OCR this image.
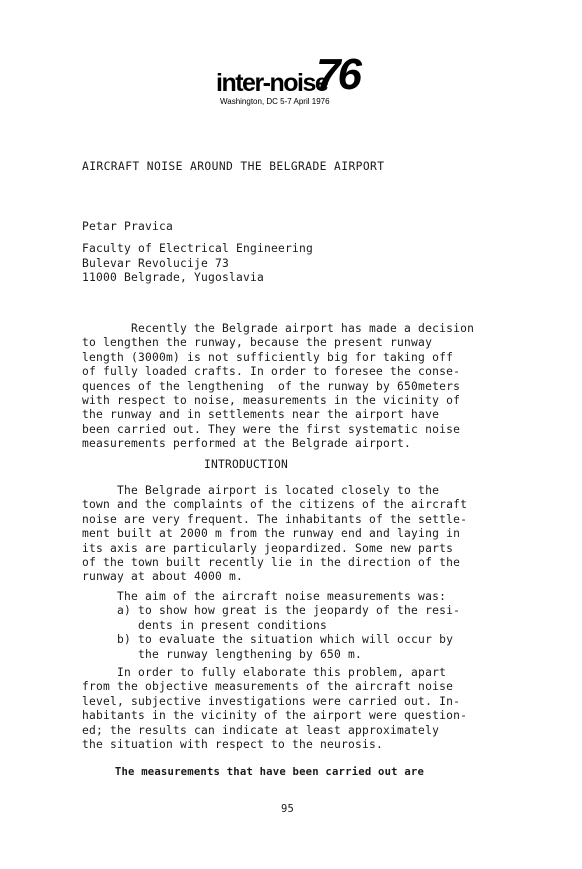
inter-noise
76
Washington, DC 5-7 April 1976
AIRCRAFT NOISE AROUND THE BELGRADE AIRPORT
Petar Pravica
Faculty of Electrical Engineering
Bulevar Revolucije 73
11000 Belgrade, Yugoslavia
Recently the Belgrade airport has made a decision
to lengthen the runway, because the present runway
length (3000m) is not sufficiently big for taking off
of fully loaded crafts. In order to foresee the conse-
quences of the lengthening  of the runway by 650meters
with respect to noise, measurements in the vicinity of
the runway and in settlements near the airport have
been carried out. They were the first systematic noise
measurements performed at the Belgrade airport.
INTRODUCTION
The Belgrade airport is located closely to the
town and the complaints of the citizens of the aircraft
noise are very frequent. The inhabitants of the settle-
ment built at 2000 m from the runway end and laying in
its axis are particularly jeopardized. Some new parts
of the town built recently lie in the direction of the
runway at about 4000 m.
The aim of the aircraft noise measurements was:
a) to show how great is the jeopardy of the resi-
dents in present conditions
b) to evaluate the situation which will occur by
the runway lengthening by 650 m.
In order to fully elaborate this problem, apart
from the objective measurements of the aircraft noise
level, subjective investigations were carried out. In-
habitants in the vicinity of the airport were question-
ed; the results can indicate at least approximately
the situation with respect to the neurosis.
The measurements that have been carried out are
95
